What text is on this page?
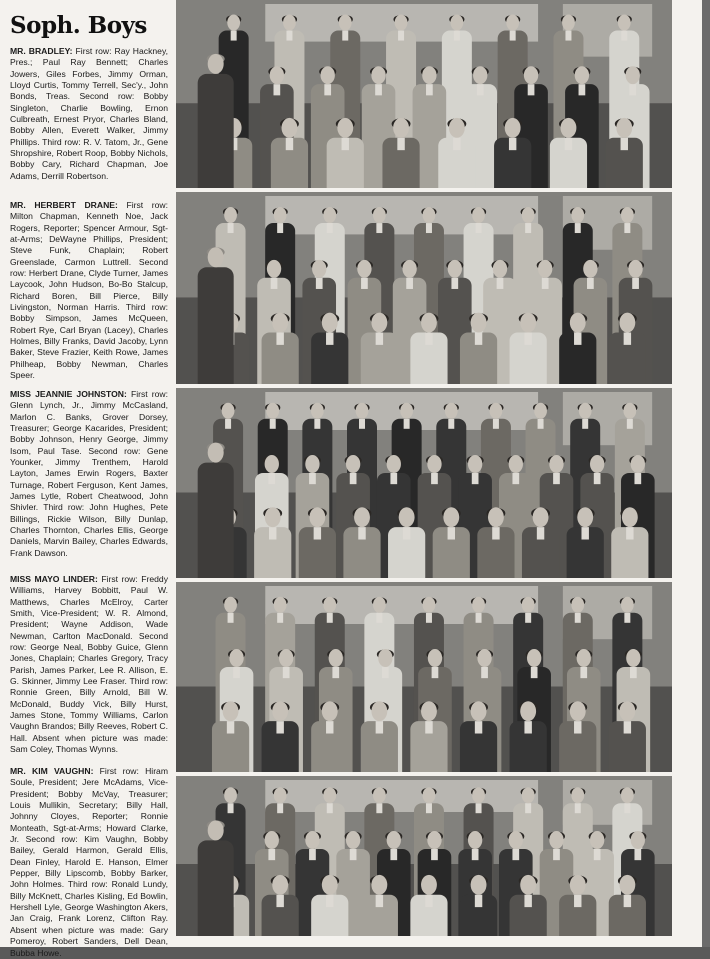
Soph. Boys

MR. BRADLEY: First row: Ray Hackney, Pres.; Paul Ray Bennett; Charles Jowers, Giles Forbes, Jimmy Orman, Lloyd Curtis, Tommy Terrell, Sec'y., John Bonds, Treas. Second row: Bobby Singleton, Charlie Bowling, Ernon Culbreath, Ernest Pryor, Charles Bland, Bobby Allen, Everett Walker, Jimmy Phillips. Third row: R. V. Tatom, Jr., Gene Shropshire, Robert Roop, Bobby Nichols, Bobby Cary, Richard Chapman, Joe Adams, Derrill Robertson.

MR. HERBERT DRANE: First row: Milton Chapman, Kenneth Noe, Jack Rogers, Reporter; Spencer Armour, Sgt-at-Arms; DeWayne Phillips, President; Steve Funk, Chaplain; Robert Greenslade, Carmon Luttrell. Second row: Herbert Drane, Clyde Turner, James Laycook, John Hudson, Bo-Bo Stalcup, Richard Boren, Bill Pierce, Billy Livingston, Norman Harris. Third row: Bobby Simpson, James McQueen, Robert Rye, Carl Bryan (Lacey), Charles Holmes, Billy Franks, David Jacoby, Lynn Baker, Steve Frazier, Keith Rowe, James Philheap, Bobby Newman, Charles Speer.

MISS JEANNIE JOHNSTON: First row: Glenn Lynch, Jr., Jimmy McCasland, Marlon C. Banks, Grover Dorsey, Treasurer; George Kacarides, President; Bobby Johnson, Henry George, Jimmy Isom, Paul Tase. Second row: Gene Younker, Jimmy Trenthem, Harold Layton, James Erwin Rogers, Baxter Turnage, Robert Ferguson, Kent James, James Lytle, Robert Cheatwood, John Shivler. Third row: John Hughes, Pete Billings, Rickie Wilson, Billy Dunlap, Charles Thornton, Charles Ellis, George Daniels, Marvin Bailey, Charles Edwards, Frank Dawson.

MISS MAYO LINDER: First row: Freddy Williams, Harvey Bobbitt, Paul W. Matthews, Charles McElroy, Carter Smith, Vice-President; W. R. Almond, President; Wayne Addison, Wade Newman, Carlton MacDonald. Second row: George Neal, Bobby Guice, Glenn Jones, Chaplain; Charles Gregory, Tracy Parish, James Parker, Lee R. Allison, E. G. Skinner, Jimmy Lee Fraser. Third row: Ronnie Green, Billy Arnold, Bill W. McDonald, Buddy Vick, Billy Hurst, James Stone, Tommy Williams, Carlon Vaughn Brandos; Billy Reeves, Robert C. Hall. Absent when picture was made: Sam Coley, Thomas Wynns.

MR. KIM VAUGHN: First row: Hiram Soule, President; Jere McAdams, Vice-President; Bobby McVay, Treasurer; Louis Mullikin, Secretary; Billy Hall, Johnny Cloyes, Reporter; Ronnie Monteath, Sgt-at-Arms; Howard Clarke, Jr. Second row: Kim Vaughn, Bobby Bailey, Gerald Harmon, Gerald Ellis, Dean Finley, Harold E. Hanson, Elmer Pepper, Billy Lipscomb, Bobby Barker, John Holmes. Third row: Ronald Lundy, Billy McKnett, Charles Kisling, Ed Bowlin, Hershell Lyle, George Washington Akers, Jan Craig, Frank Lorenz, Clifton Ray. Absent when picture was made: Gary Pomeroy, Robert Sanders, Dell Dean, Bubba Howe.
